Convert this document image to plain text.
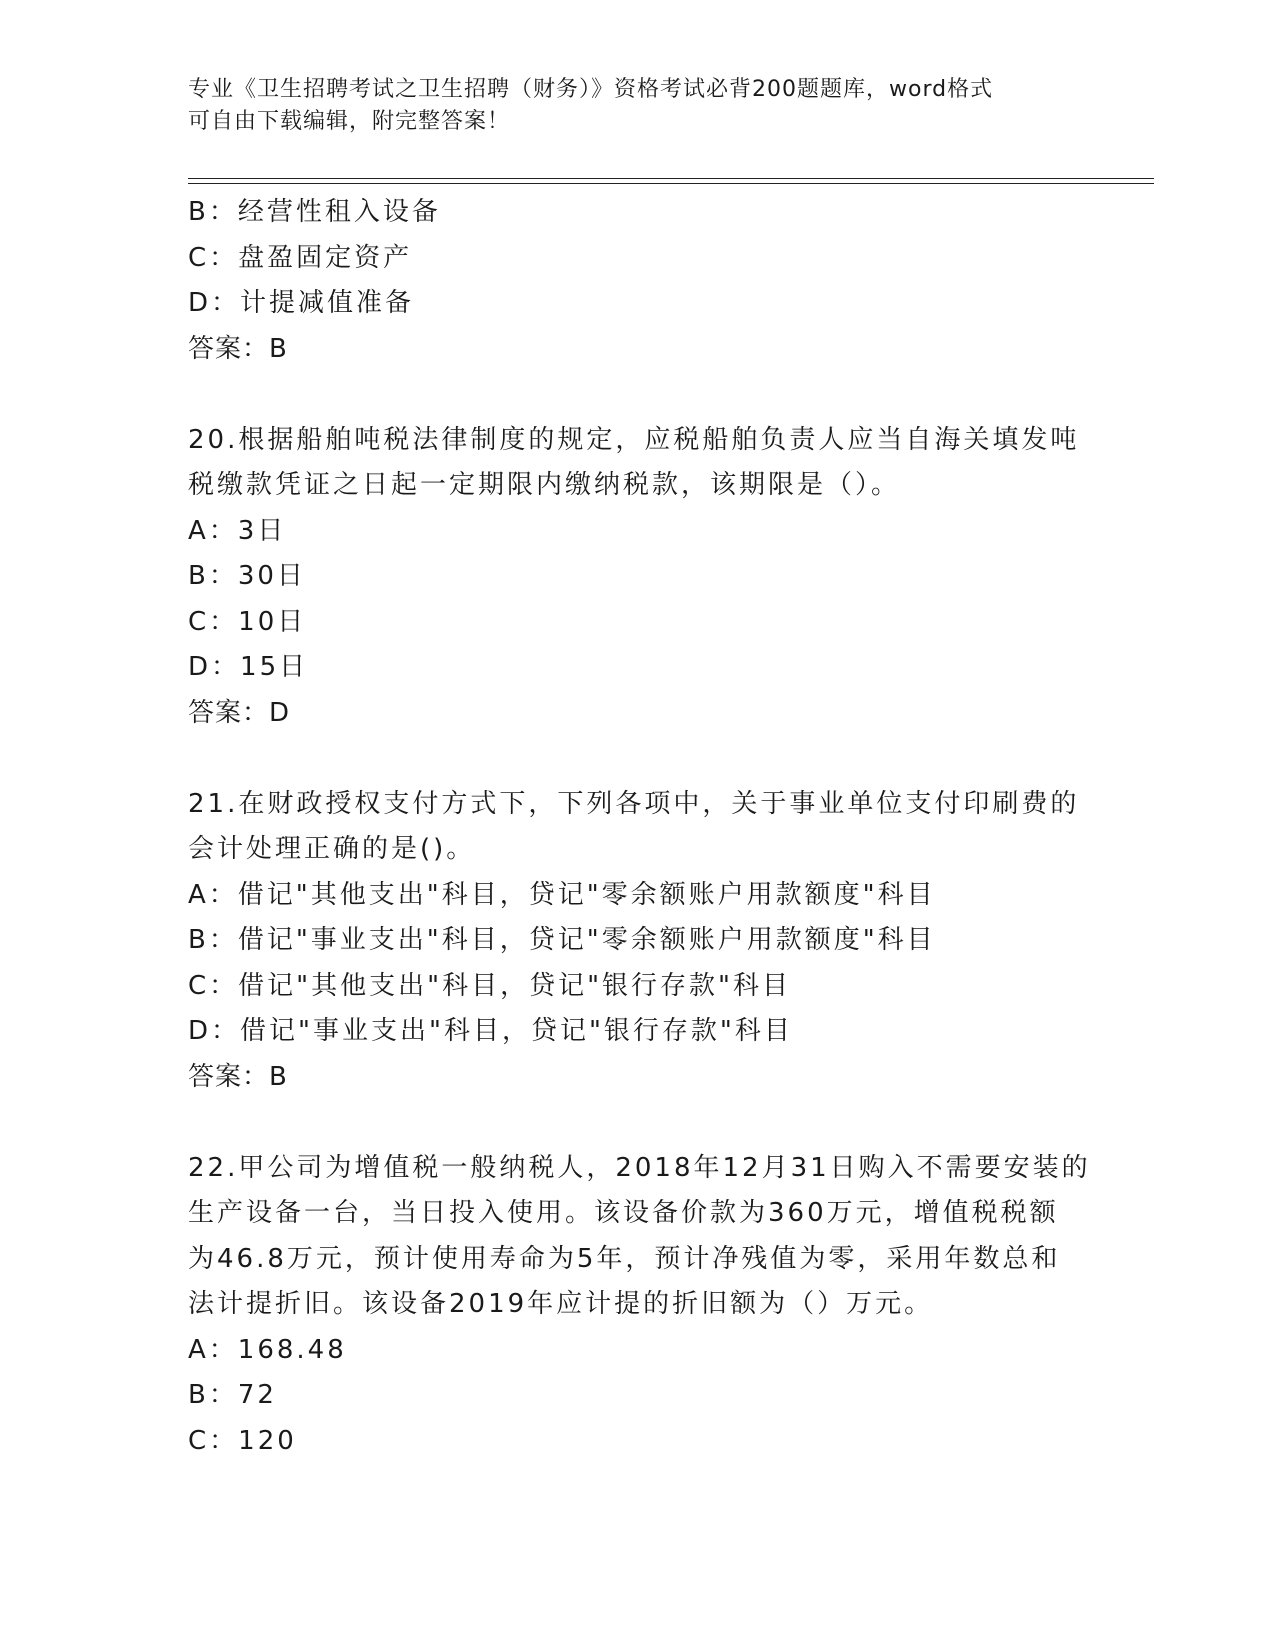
专业《卫生招聘考试之卫生招聘（财务）》资格考试必背200题题库，word格式
可自由下载编辑，附完整答案！
B：经营性租入设备
C：盘盈固定资产
D：计提减值准备
答案：B
20.根据船舶吨税法律制度的规定，应税船舶负责人应当自海关填发吨
税缴款凭证之日起一定期限内缴纳税款，该期限是（）。
A：3日
B：30日
C：10日
D：15日
答案：D
21.在财政授权支付方式下，下列各项中，关于事业单位支付印刷费的
会计处理正确的是()。
A：借记"其他支出"科目，贷记"零余额账户用款额度"科目
B：借记"事业支出"科目，贷记"零余额账户用款额度"科目
C：借记"其他支出"科目，贷记"银行存款"科目
D：借记"事业支出"科目，贷记"银行存款"科目
答案：B
22.甲公司为增值税一般纳税人，2018年12月31日购入不需要安装的
生产设备一台，当日投入使用。该设备价款为360万元，增值税税额
为46.8万元，预计使用寿命为5年，预计净残值为零，采用年数总和
法计提折旧。该设备2019年应计提的折旧额为（）万元。
A：168.48
B：72
C：120
